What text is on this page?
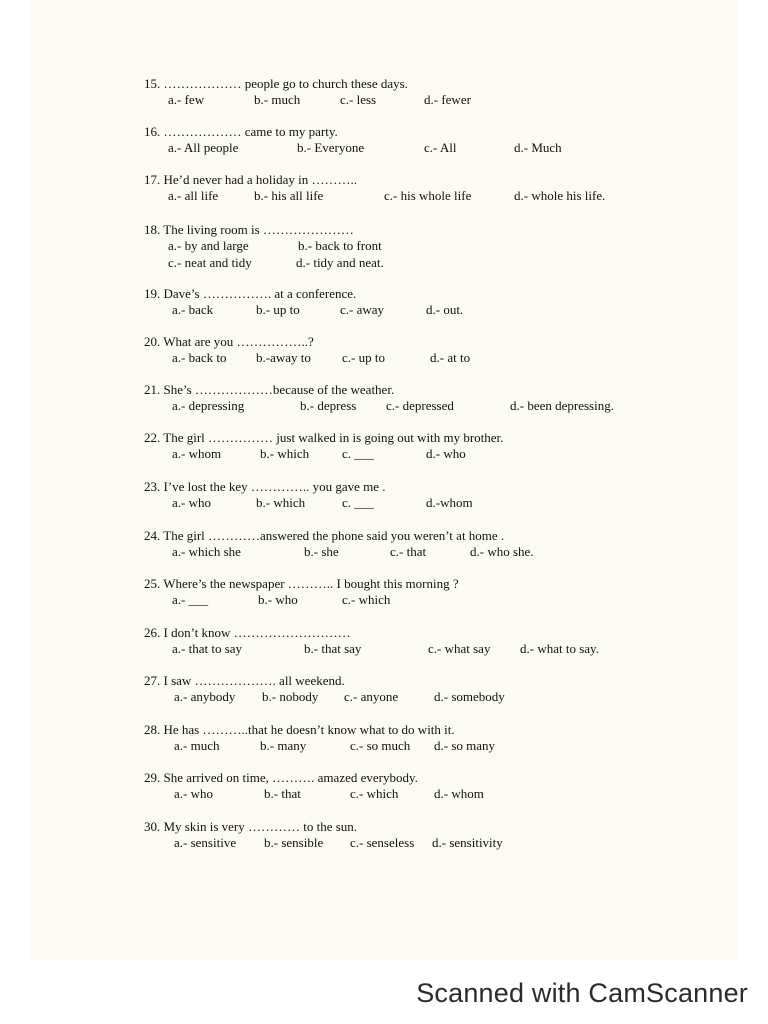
Scanned with CamScanner
15. ……………… people go to church these days.
a.- few	b.- much	c.- less	d.- fewer
16. ……………… came to my party.
a.- All people	b.- Everyone	c.- All	d.- Much
17. He’d never had a holiday in ………..
a.- all life	b.- his all life	c.- his whole life	d.- whole his life.
18. The living room is …………………
a.- by and large	b.- back to front
c.- neat and tidy	d.- tidy and neat.
19. Dave’s ……………. at a conference.
a.- back	b.- up to	c.- away	d.- out.
20. What are you ……………..?
a.- back to b.-away to c.- up to	d.- at to
21. She’s ………………because of the weather.
a.- depressing	b.- depress c.- depressed	d.- been depressing.
22. The girl …………… just walked in is going out with my brother.
a.- whom	b.- which	c. ___	d.- who
23. I’ve lost the key ………….. you gave me .
a.- who	b.- which	c. ___	d.-whom
24. The girl …………answered the phone said you weren’t at home .
a.- which she	b.- she	c.- that	d.- who she.
25. Where’s the newspaper ……….. I bought this morning ?
a.- ___	b.- who	c.- which
26. I don’t know ………………………
a.- that to say	b.- that say	c.- what say d.- what to say.
27. I saw ………………. all weekend.
a.- anybody b.- nobody c.- anyone	d.- somebody
28. He has ………..that he doesn’t know what to do with it.
a.- much	b.- many	c.- so much d.- so many
29. She arrived on time, ………. amazed everybody.
a.- who	b.- that	c.- which	d.- whom
30. My skin is very ………… to the sun.
a.- sensitive b.- sensible c.- senseless d.- sensitivity
